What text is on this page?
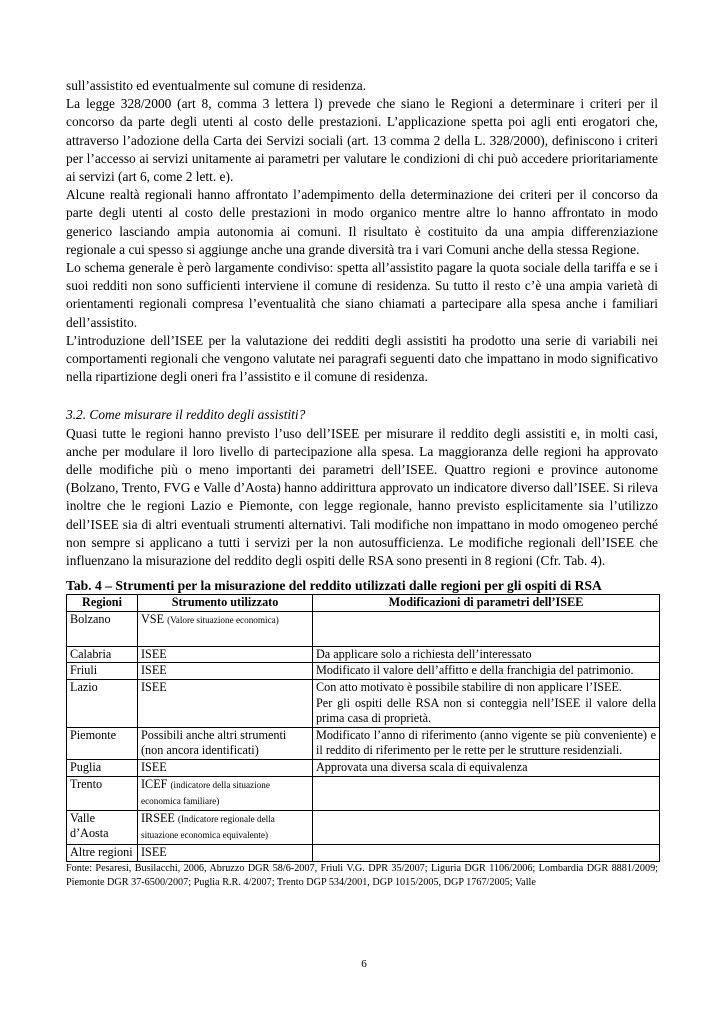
sull’assistito ed eventualmente sul comune di residenza.

La legge 328/2000 (art 8, comma 3 lettera l) prevede che siano le Regioni a determinare i criteri per il concorso da parte degli utenti al costo delle prestazioni. L’applicazione spetta poi agli enti erogatori che, attraverso l’adozione della Carta dei Servizi sociali (art. 13 comma 2 della L. 328/2000), definiscono i criteri per l’accesso ai servizi unitamente ai parametri per valutare le condizioni di chi può accedere prioritariamente ai servizi (art 6, come 2 lett. e).

Alcune realtà regionali hanno affrontato l’adempimento della determinazione dei criteri per il concorso da parte degli utenti al costo delle prestazioni in modo organico mentre altre lo hanno affrontato in modo generico lasciando ampia autonomia ai comuni. Il risultato è costituito da una ampia differenziazione regionale a cui spesso si aggiunge anche una grande diversità tra i vari Comuni anche della stessa Regione.

Lo schema generale è però largamente condiviso: spetta all’assistito pagare la quota sociale della tariffa e se i suoi redditi non sono sufficienti interviene il comune di residenza. Su tutto il resto c’è una ampia varietà di orientamenti regionali compresa l’eventualità che siano chiamati a partecipare alla spesa anche i familiari dell’assistito.

L’introduzione dell’ISEE per la valutazione dei redditi degli assistiti ha prodotto una serie di variabili nei comportamenti regionali che vengono valutate nei paragrafi seguenti dato che impattano in modo significativo nella ripartizione degli oneri fra l’assistito e il comune di residenza.

3.2. Come misurare il reddito degli assistiti?

Quasi tutte le regioni hanno previsto l’uso dell’ISEE per misurare il reddito degli assistiti e, in molti casi, anche per modulare il loro livello di partecipazione alla spesa. La maggioranza delle regioni ha approvato delle modifiche più o meno importanti dei parametri dell’ISEE. Quattro regioni e province autonome (Bolzano, Trento, FVG e Valle d’Aosta) hanno addirittura approvato un indicatore diverso dall’ISEE. Si rileva inoltre che le regioni Lazio e Piemonte, con legge regionale, hanno previsto esplicitamente sia l’utilizzo dell’ISEE sia di altri eventuali strumenti alternativi. Tali modifiche non impattano in modo omogeneo perché non sempre si applicano a tutti i servizi per la non autosufficienza. Le modifiche regionali dell’ISEE che influenzano la misurazione del reddito degli ospiti delle RSA sono presenti in 8 regioni (Cfr. Tab. 4).

Tab. 4 – Strumenti per la misurazione del reddito utilizzati dalle regioni per gli ospiti di RSA

Regioni	Strumento utilizzato	Modificazioni di parametri dell’ISEE
Bolzano	VSE (Valore situazione economica)	
Calabria	ISEE	Da applicare solo a richiesta dell’interessato
Friuli	ISEE	Modificato il valore dell’affitto e della franchigia del patrimonio.
Lazio	ISEE	Con atto motivato è possibile stabilire di non applicare l’ISEE.
Per gli ospiti delle RSA non si conteggia nell’ISEE il valore della prima casa di proprietà.

Piemonte	Possibili anche altri strumenti (non ancora identificati)	Modificato l’anno di riferimento (anno vigente se più conveniente) e il reddito di riferimento per le rette per le strutture residenziali.
Puglia	ISEE	Approvata una diversa scala di equivalenza
Trento	ICEF (indicatore della situazione economica familiare)	
Valle d’Aosta	IRSEE (Indicatore regionale della situazione economica equivalente)	
Altre regioni	ISEE	

Fonte: Pesaresi, Busilacchi, 2006, Abruzzo DGR 58/6-2007, Friuli V.G. DPR 35/2007; Liguria DGR 1106/2006; Lombardia DGR 8881/2009; Piemonte DGR 37-6500/2007; Puglia R.R. 4/2007; Trento DGP 534/2001, DGP 1015/2005, DGP 1767/2005; Valle

6
